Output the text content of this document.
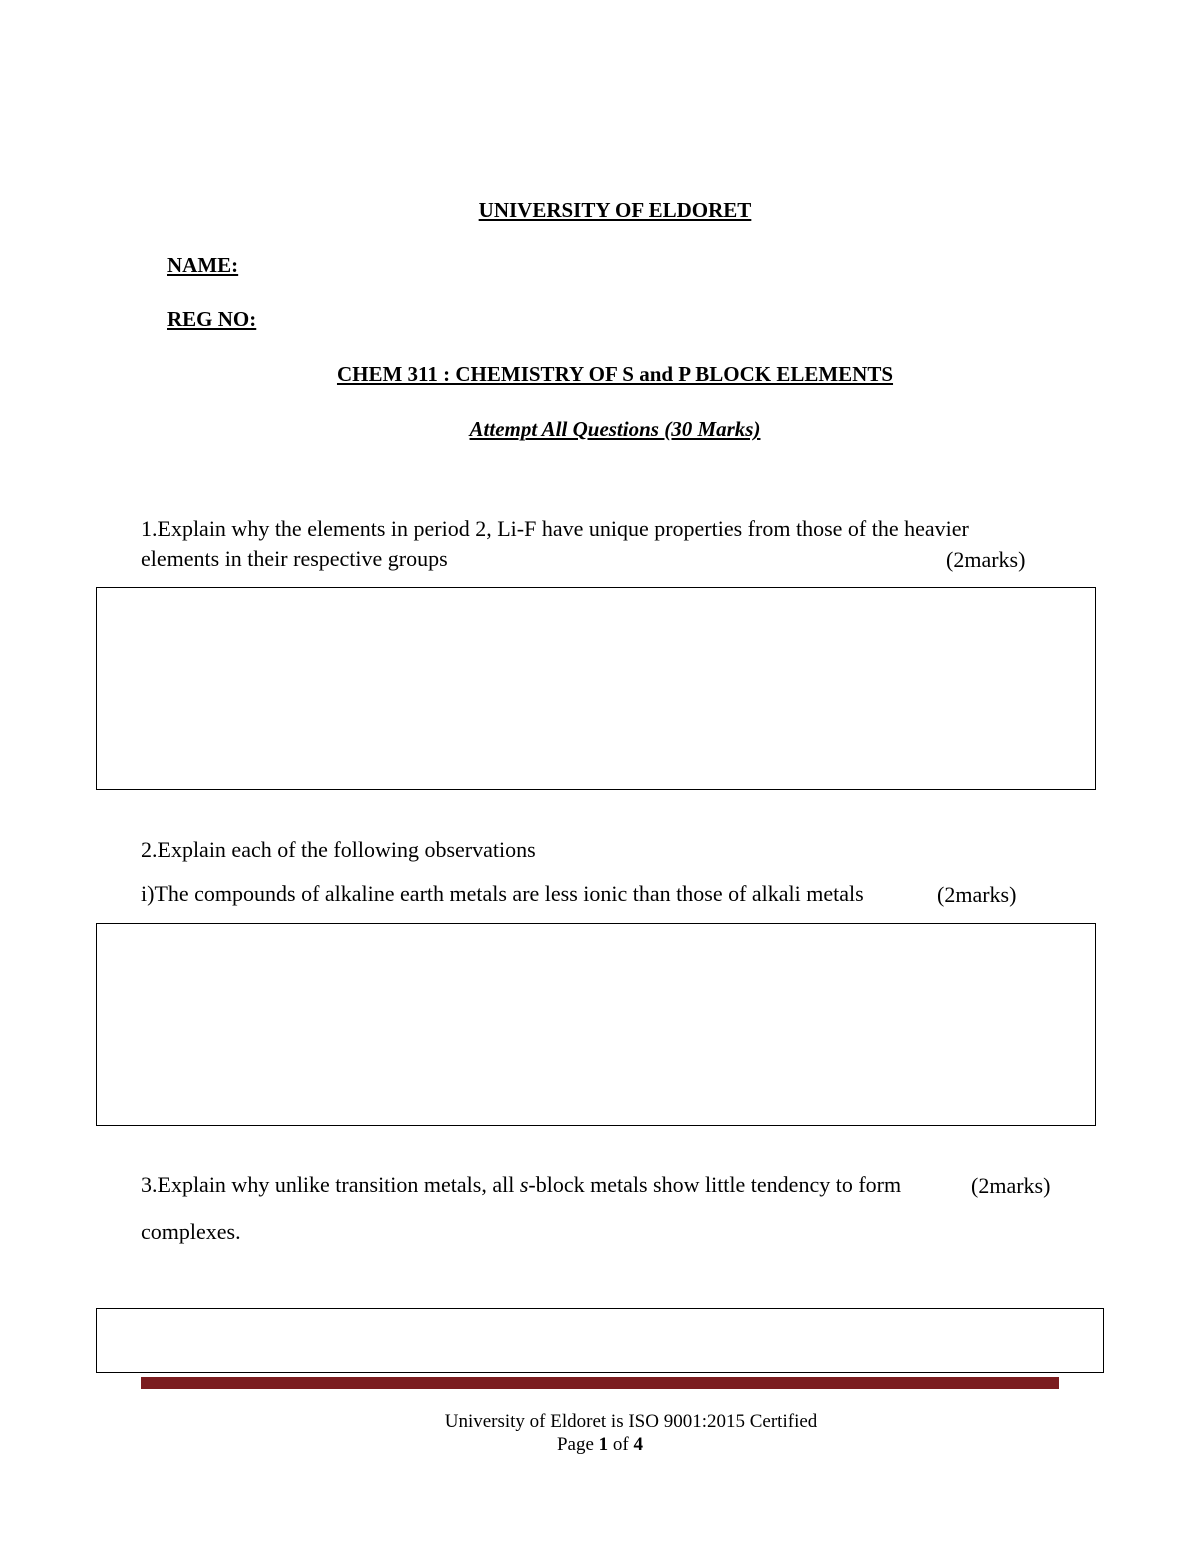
UNIVERSITY OF ELDORET

NAME:

REG NO:

CHEM 311 : CHEMISTRY OF S and P BLOCK ELEMENTS

Attempt All Questions (30 Marks)

1.Explain why the elements in period 2, Li-F have unique properties from those of the heavier

elements in their respective groups	(2marks)

2.Explain each of the following observations

i)The compounds of alkaline earth metals are less ionic than those of alkali metals	(2marks)

3.Explain why unlike transition metals, all s-block metals show little tendency to form	(2marks)

complexes.

University of Eldoret is ISO 9001:2015 Certified

Page 1 of 4
